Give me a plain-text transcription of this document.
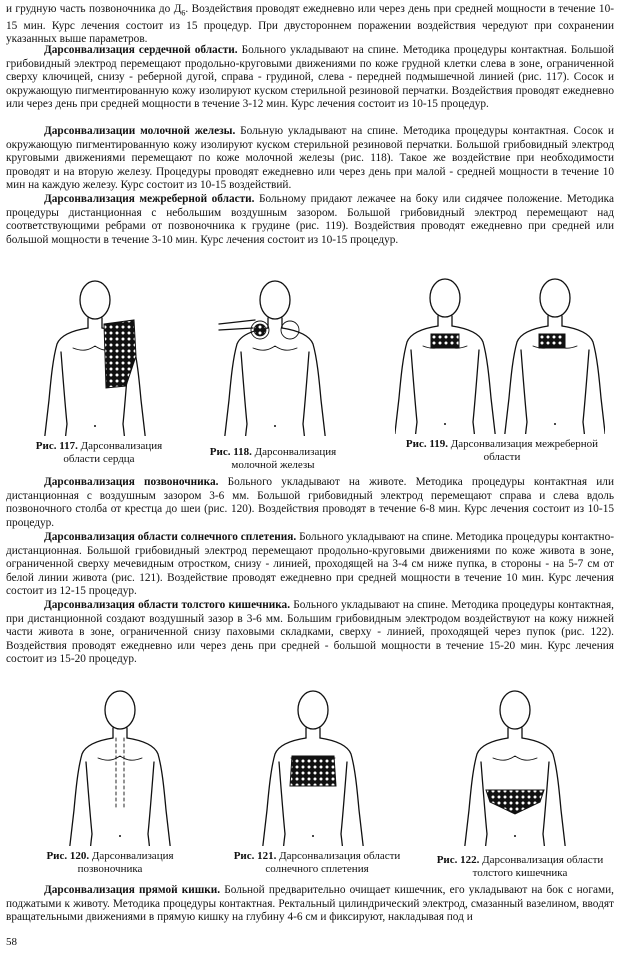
и грудную часть позвоночника до $Д_6$. Воздействия проводят ежедневно или через день при средней мощности в течение 10-15 мин. Курс лечения состоит из 15 процедур. При двустороннем поражении воздействия чередуют при сохранении указанных выше параметров.

Дарсонвализация сердечной области. Больного укладывают на спине. Методика процедуры контактная. Большой грибовидный электрод перемещают продольно-круговыми движениями по коже грудной клетки слева в зоне, ограниченной сверху ключицей, снизу - реберной дугой, справа - грудиной, слева - передней подмышечной линией (рис. 117). Сосок и окружающую пигментированную кожу изолируют куском стерильной резиновой перчатки. Воздействия проводят ежедневно или через день при средней мощности в течение 3-12 мин. Курс лечения состоит из 10-15 процедур.

Дарсонвализации молочной железы. Больную укладывают на спине. Методика процедуры контактная. Сосок и окружающую пигментированную кожу изолируют куском стерильной резиновой перчатки. Большой грибовидный электрод круговыми движениями перемещают по коже молочной железы (рис. 118). Такое же воздействие при необходимости проводят и на вторую железу. Процедуры проводят ежедневно или через день при малой - средней мощности в течение 10 мин на каждую железу. Курс состоит из 10-15 воздействий.

Дарсонвализация межреберной области. Больному придают лежачее на боку или сидячее положение. Методика процедуры дистанционная с небольшим воздушным зазором. Большой грибовидный электрод перемещают над соответствующими ребрами от позвоночника к грудине (рис. 119). Воздействия проводят ежедневно при средней или большой мощности в течение 3-10 мин. Курс лечения состоит из 10-15 процедур.

Рис. 117. Дарсонвализация
области сердца
Рис. 118. Дарсонвализация
молочной железы
Рис. 119. Дарсонвализация межреберной
области

Дарсонвализация позвоночника. Больного укладывают на животе. Методика процедуры контактная или дистанционная с воздушным зазором 3-6 мм. Большой грибовидный электрод перемещают справа и слева вдоль позвоночного столба от крестца до шеи (рис. 120). Воздействия проводят в течение 6-8 мин. Курс лечения состоит из 10-15 процедур.

Дарсонвализация области солнечного сплетения. Больного укладывают на спине. Методика процедуры контактно-дистанционная. Большой грибовидный электрод перемещают продольно-круговыми движениями по коже живота в зоне, ограниченной сверху мечевидным отростком, снизу - линией, проходящей на 3-4 см ниже пупка, в стороны - на 5-7 см от белой линии живота (рис. 121). Воздействие проводят ежедневно при средней мощности в течение 10 мин. Курс лечения состоит из 12-15 процедур.

Дарсонвализация области толстого кишечника. Больного укладывают на спине. Методика процедуры контактная, при дистанционной создают воздушный зазор в 3-6 мм. Большим грибовидным электродом воздействуют на кожу нижней части живота в зоне, ограниченной снизу паховыми складками, сверху - линией, проходящей через пупок (рис. 122). Воздействия проводят ежедневно или через день при средней - большой мощности в течение 15-20 мин. Курс лечения состоит из 15-20 процедур.

Рис. 120. Дарсонвализация
позвоночника
Рис. 121. Дарсонвализация области
солнечного сплетения
Рис. 122. Дарсонвализация области
толстого кишечника

Дарсонвализация прямой кишки. Больной предварительно очищает кишечник, его укладывают на бок с ногами, поджатыми к животу. Методика процедуры контактная. Ректальный цилиндрический электрод, смазанный вазелином, вводят вращательными движениями в прямую кишку на глубину 4-6 см и фиксируют, накладывая под и

58
